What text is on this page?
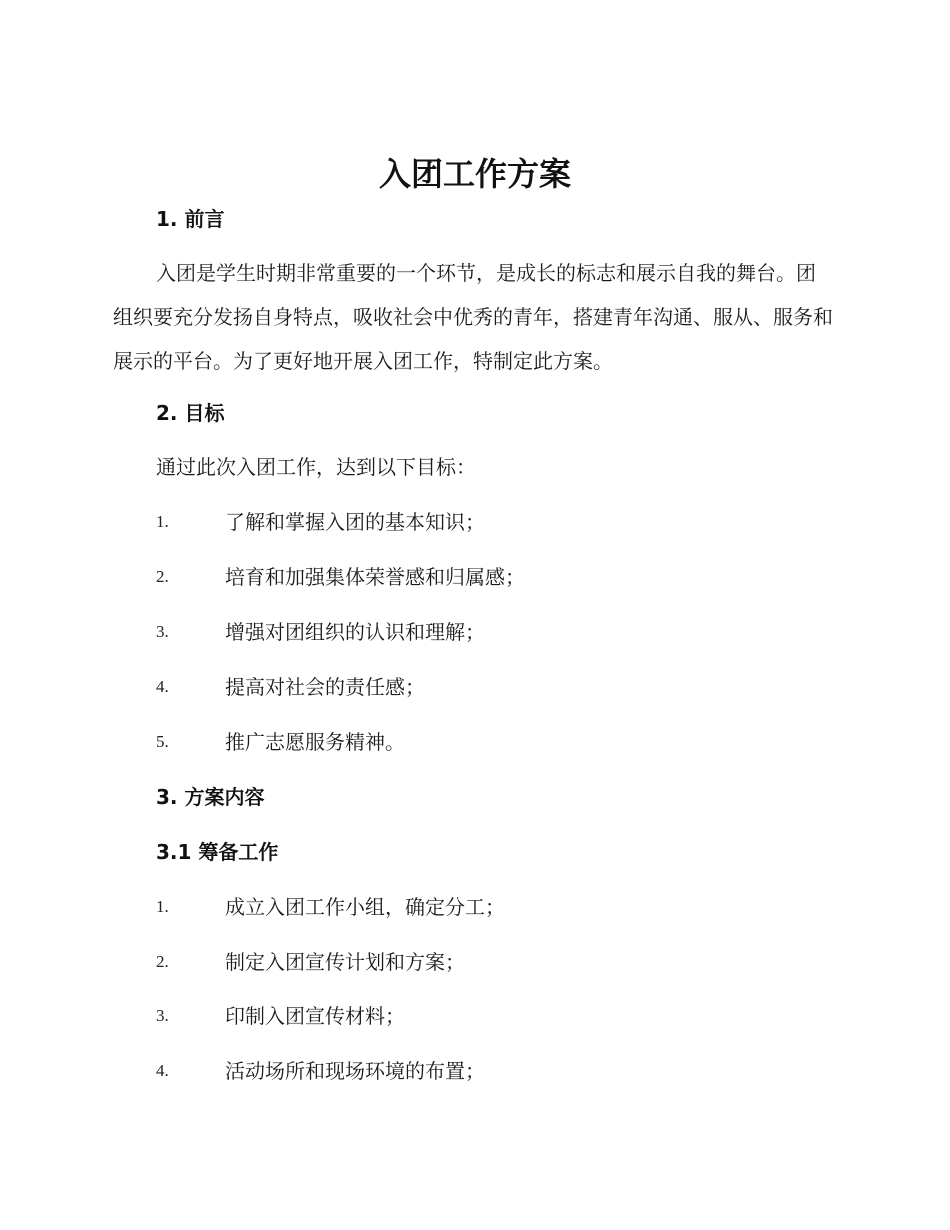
入团工作方案
1. 前言
入团是学生时期非常重要的一个环节，是成长的标志和展示自我的舞台。团组织要充分发扬自身特点，吸收社会中优秀的青年，搭建青年沟通、服从、服务和展示的平台。为了更好地开展入团工作，特制定此方案。
2. 目标
通过此次入团工作，达到以下目标：
1.	了解和掌握入团的基本知识；
2.	培育和加强集体荣誉感和归属感；
3.	增强对团组织的认识和理解；
4.	提高对社会的责任感；
5.	推广志愿服务精神。
3. 方案内容
3.1 筹备工作
1.	成立入团工作小组，确定分工；
2.	制定入团宣传计划和方案；
3.	印制入团宣传材料；
4.	活动场所和现场环境的布置；
